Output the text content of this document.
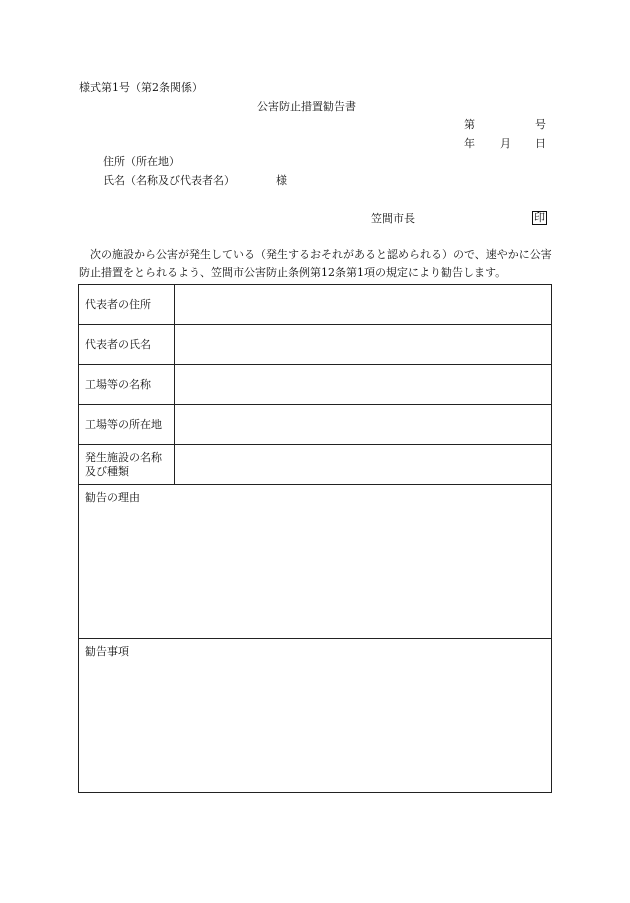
様式第1号（第2条関係）
公害防止措置勧告書
第	号
年 月 日
住所（所在地）
氏名（名称及び代表者名）	様
笠間市長	印
次の施設から公害が発生している（発生するおそれがあると認められる）ので、速やかに公害防止措置をとられるよう、笠間市公害防止条例第12条第1項の規定により勧告します。
代表者の住所	
代表者の氏名	
工場等の名称	
工場等の所在地	
発生施設の名称及び種類	
勧告の理由	
勧告事項	
